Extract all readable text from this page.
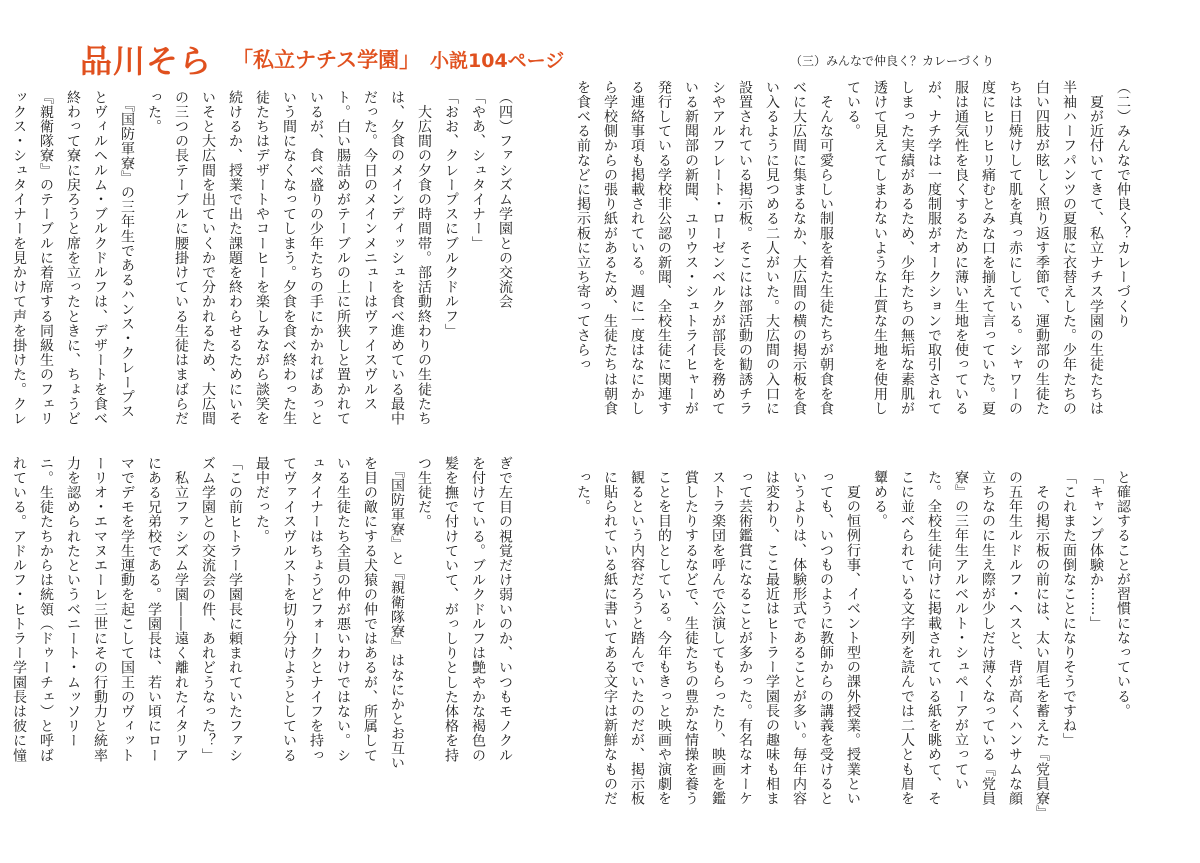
品川そら 「私立ナチス学園」 小説104ページ	（三）みんなで仲良く？カレーづくり

（二）みんなで仲良く？カレーづくり

　夏が近付いてきて、私立ナチス学園の生徒たちは半袖ハーフパンツの夏服に衣替えした。少年たちの白い四肢が眩しく照り返す季節で、運動部の生徒たちは日焼けして肌を真っ赤にしている。シャワーの度にヒリヒリ痛むとみな口を揃えて言っていた。夏服は通気性を良くするために薄い生地を使っているが、ナチ学は一度制服がオークションで取引されてしまった実績があるため、少年たちの無垢な素肌が透けて見えてしまわないような上質な生地を使用している。

　そんな可愛らしい制服を着た生徒たちが朝食を食べに大広間に集まるなか、大広間の横の掲示板を食い入るように見つめる二人がいた。大広間の入口に設置されている掲示板。そこには部活動の勧誘チラシやアルフレート・ローゼンベルクが部長を務めている新聞部の新聞、ユリウス・シュトライヒャーが発行している学校非公認の新聞、全校生徒に関連する連絡事項も掲載されている。週に一度はなにかしら学校側からの張り紙があるため、生徒たちは朝食を食べる前などに掲示板に立ち寄ってさらっ

と確認することが習慣になっている。

「キャンプ体験か……」

「これまた面倒なことになりそうですね」

　その掲示板の前には、太い眉毛を蓄えた『党員寮』の五年生ルドルフ・ヘスと、背が高くハンサムな顔立ちなのに生え際が少しだけ薄くなっている『党員寮』の三年生アルベルト・シュペーアが立っていた。全校生徒向けに掲載されている紙を眺めて、そこに並べられている文字列を読んでは二人とも眉を顰める。

　夏の恒例行事、イベント型の課外授業。授業といっても、いつものように教師からの講義を受けるというよりは、体験形式であることが多い。毎年内容は変わり、ここ最近はヒトラー学園長の趣味も相まって芸術鑑賞になることが多かった。有名なオーケストラ楽団を呼んで公演してもらったり、映画を鑑賞したりするなどで、生徒たちの豊かな情操を養うことを目的としている。今年もきっと映画や演劇を観るという内容だろうと踏んでいたのだが、掲示板に貼られている紙に書いてある文字は新鮮なものだった。

（四）ファシズム学園との交流会

「やあ、シュタイナー」

「おお、クレープスにブルクドルフ」

　大広間の夕食の時間帯。部活動終わりの生徒たちは、夕食のメインディッシュを食べ進めている最中だった。今日のメインメニューはヴァイスヴルスト。白い腸詰めがテーブルの上に所狭しと置かれているが、食べ盛りの少年たちの手にかかればあっという間になくなってしまう。夕食を食べ終わった生徒たちはデザートやコーヒーを楽しみながら談笑を続けるか、授業で出た課題を終わらせるためにいそいそと大広間を出ていくかで分かれるため、大広間の三つの長テーブルに腰掛けている生徒はまばらだった。

　『国防軍寮』の三年生であるハンス・クレープスとヴィルヘルム・ブルクドルフは、デザートを食べ終わって寮に戻ろうと席を立ったときに、ちょうど『親衛隊寮』のテーブルに着席する同級生のフェリックス・シュタイナーを見かけて声を掛けた。クレ

ぎで左目の視覚だけ弱いのか、いつもモノクルを付けている。ブルクドルフは艶やかな褐色の髪を撫で付けていて、がっしりとした体格を持つ生徒だ。

　『国防軍寮』と『親衛隊寮』はなにかとお互いを目の敵にする犬猿の仲ではあるが、所属している生徒たち全員の仲が悪いわけではない。シュタイナーはちょうどフォークとナイフを持ってヴァイスヴルストを切り分けようとしている最中だった。

「この前ヒトラー学園長に頼まれていたファシズム学園との交流会の件、あれどうなった？」

　私立ファシズム学園――遠く離れたイタリアにある兄弟校である。学園長は、若い頃にローマでデモを学生運動を起こして国王のヴィットーリオ・エマヌエーレ三世にその行動力と統率力を認められたというベニート・ムッソリーニ。生徒たちからは統領（ドゥーチェ）と呼ばれている。アドルフ・ヒトラー学園長は彼に憧
